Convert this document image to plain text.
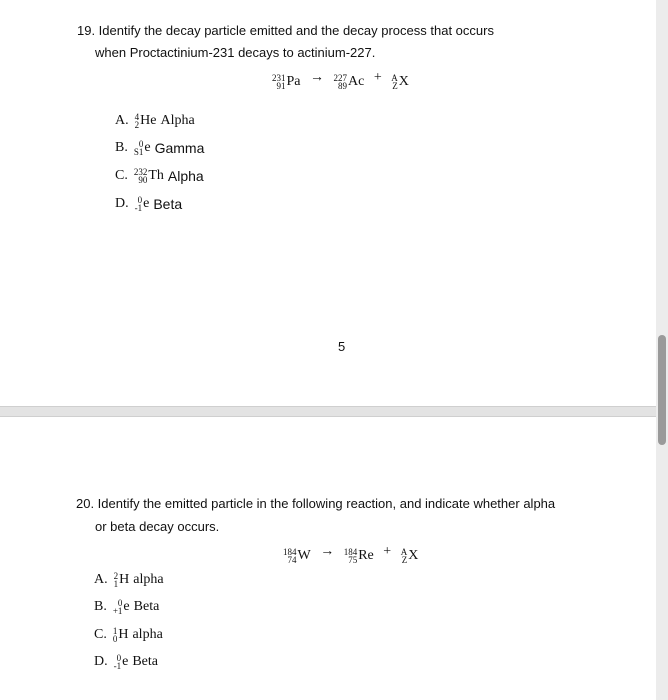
19. Identify the decay particle emitted and the decay process that occurs
when Proctactinium-231 decays to actinium-227.
231
91 Pa → 227
89 Ac + A
Z X
A. 4
2 He Alpha
B.	0
S1 e Gamma
C. 232
90 Th Alpha
D.	0
-1 e Beta
5
20. Identify the emitted particle in the following reaction, and indicate whether alpha
or beta decay occurs.
184
74 W → 184
75 Re + A
Z X
A. 2
1 H alpha
B.	0
+1 e Beta
C. 1
0 H alpha
D.	0
-1 e Beta
